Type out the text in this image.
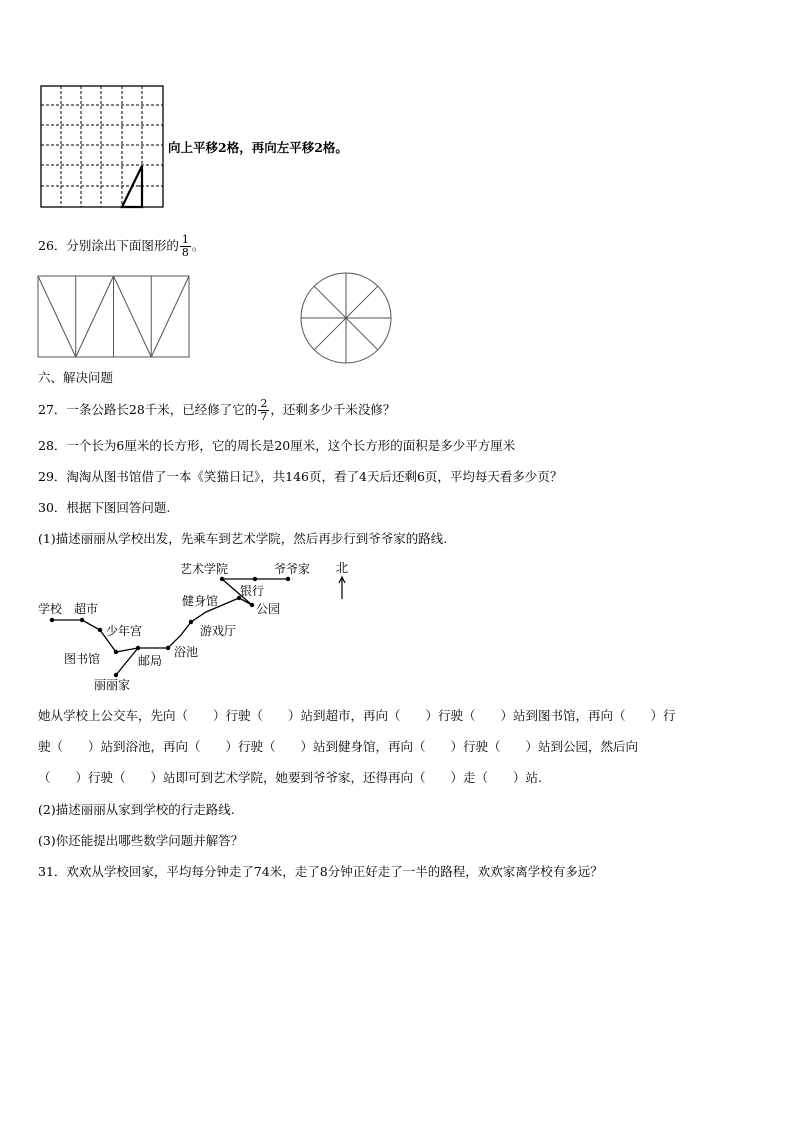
向上平移2格，再向左平移2格。
26．分别涂出下面图形的 $\frac{1}{8}$ 。
六、解决问题
27．一条公路长28千米，已经修了它的 $\frac{2}{7}$ ，还剩多少千米没修？
28．一个长为6厘米的长方形，它的周长是20厘米，这个长方形的面积是多少平方厘米
29．淘淘从图书馆借了一本《笑猫日记》，共146页，看了4天后还剩6页，平均每天看多少页？
30．根据下图回答问题.
(1)描述丽丽从学校出发，先乘车到艺术学院，然后再步行到爷爷家的路线.
学校 超市
少年宫
图书馆	邮局
丽丽家
浴池
游戏厅
健身馆
公园
银行
艺术学院	爷爷家 北
她从学校上公交车，先向（　　）行驶（　　）站到超市，再向（　　）行驶（　　）站到图书馆，再向（　　）行
驶（　　）站到浴池，再向（　　）行驶（　　）站到健身馆，再向（　　）行驶（　　）站到公园，然后向
（　　）行驶（　　）站即可到艺术学院，她要到爷爷家，还得再向（　　）走（　　）站.
(2)描述丽丽从家到学校的行走路线.
(3)你还能提出哪些数学问题并解答？
31．欢欢从学校回家，平均每分钟走了74米，走了8分钟正好走了一半的路程，欢欢家离学校有多远？
